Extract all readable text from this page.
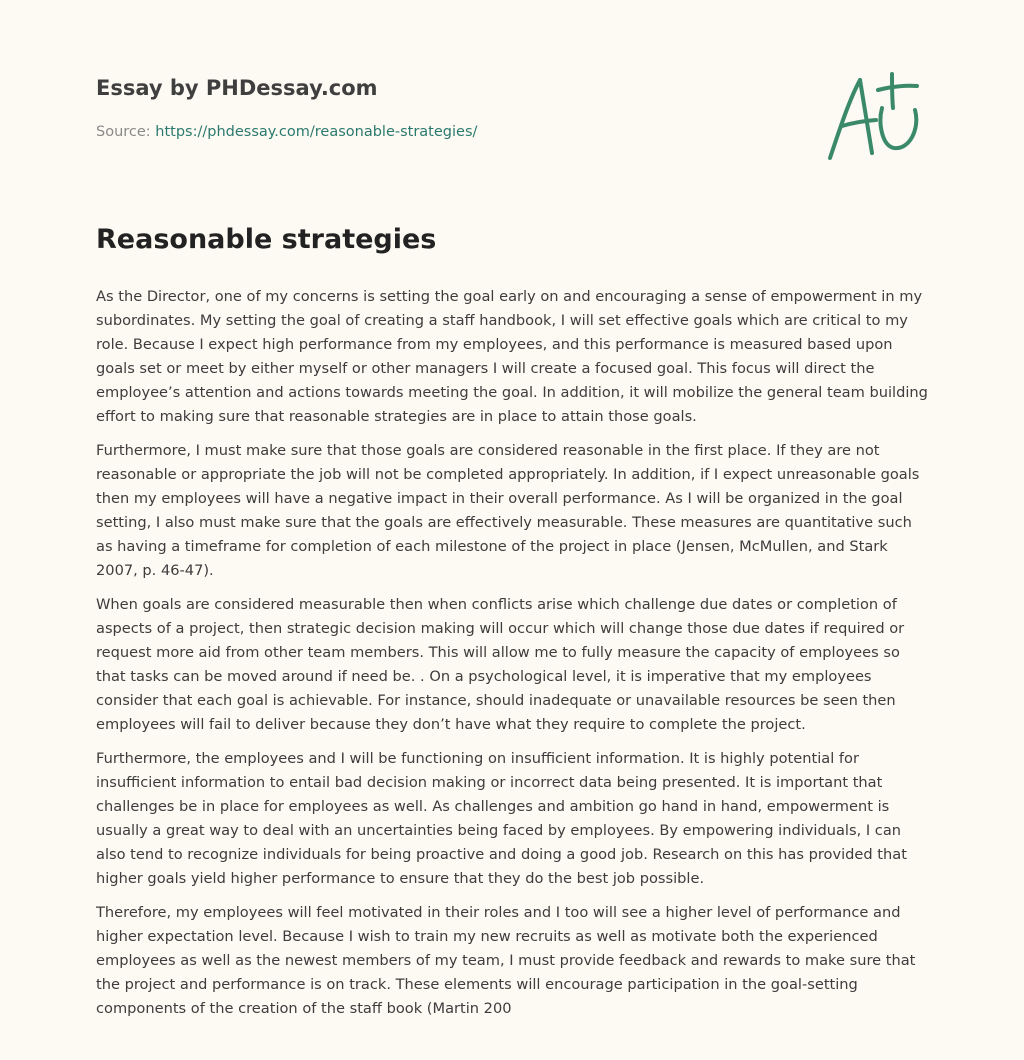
Essay by PHDessay.com

Source: https://phdessay.com/reasonable-strategies/

Reasonable strategies

As the Director, one of my concerns is setting the goal early on and encouraging a sense of empowerment in my subordinates. My setting the goal of creating a staff handbook, I will set effective goals which are critical to my role. Because I expect high performance from my employees, and this performance is measured based upon goals set or meet by either myself or other managers I will create a focused goal. This focus will direct the employee’s attention and actions towards meeting the goal. In addition, it will mobilize the general team building effort to making sure that reasonable strategies are in place to attain those goals.

Furthermore, I must make sure that those goals are considered reasonable in the first place. If they are not reasonable or appropriate the job will not be completed appropriately. In addition, if I expect unreasonable goals then my employees will have a negative impact in their overall performance. As I will be organized in the goal setting, I also must make sure that the goals are effectively measurable. These measures are quantitative such as having a timeframe for completion of each milestone of the project in place (Jensen, McMullen, and Stark 2007, p. 46-47).

When goals are considered measurable then when conflicts arise which challenge due dates or completion of aspects of a project, then strategic decision making will occur which will change those due dates if required or request more aid from other team members. This will allow me to fully measure the capacity of employees so that tasks can be moved around if need be. . On a psychological level, it is imperative that my employees consider that each goal is achievable. For instance, should inadequate or unavailable resources be seen then employees will fail to deliver because they don’t have what they require to complete the project.

Furthermore, the employees and I will be functioning on insufficient information. It is highly potential for insufficient information to entail bad decision making or incorrect data being presented. It is important that challenges be in place for employees as well. As challenges and ambition go hand in hand, empowerment is usually a great way to deal with an uncertainties being faced by employees. By empowering individuals, I can also tend to recognize individuals for being proactive and doing a good job. Research on this has provided that higher goals yield higher performance to ensure that they do the best job possible.

Therefore, my employees will feel motivated in their roles and I too will see a higher level of performance and higher expectation level. Because I wish to train my new recruits as well as motivate both the experienced employees as well as the newest members of my team, I must provide feedback and rewards to make sure that the project and performance is on track. These elements will encourage participation in the goal-setting components of the creation of the staff book (Martin 200
